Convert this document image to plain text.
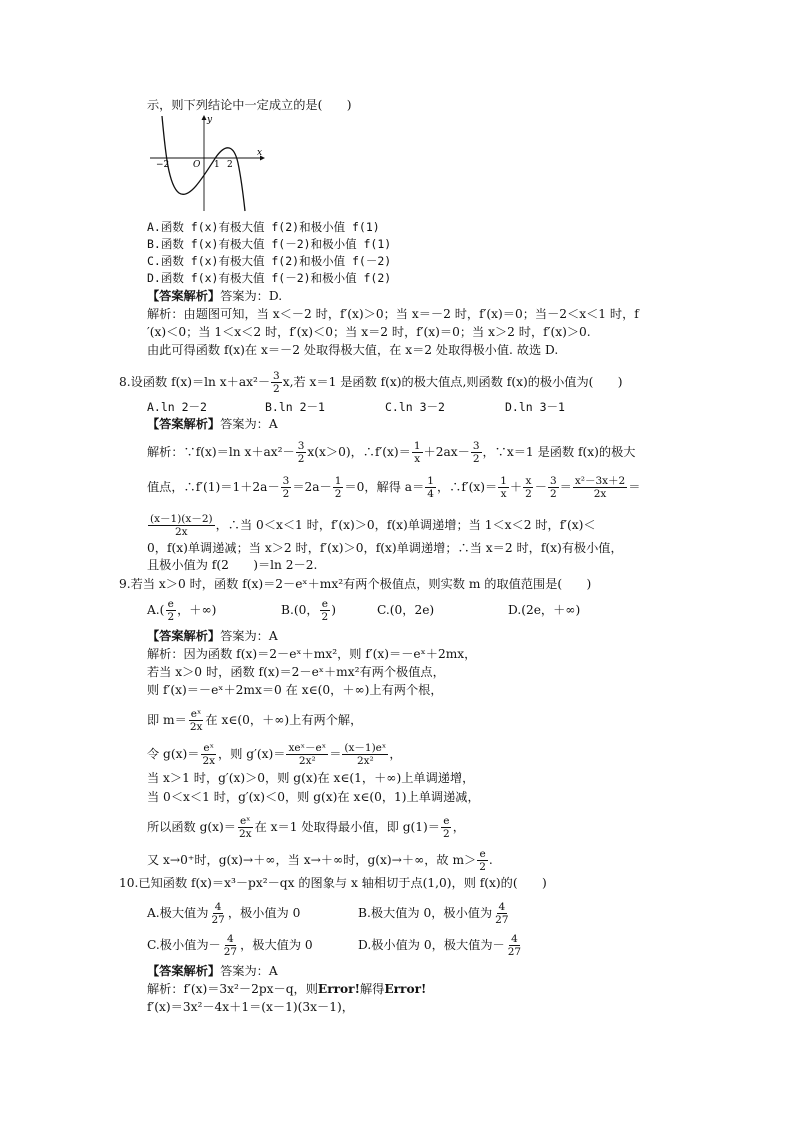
示，则下列结论中一定成立的是(　　)
x
y
−2	O 1 2
A.函数 f(x)有极大值 f(2)和极小值 f(1)
B.函数 f(x)有极大值 f(－2)和极小值 f(1)
C.函数 f(x)有极大值 f(2)和极小值 f(－2)
D.函数 f(x)有极大值 f(－2)和极小值 f(2)
【答案解析】答案为：D.
解析：由题图可知，当 x＜－2 时，f′(x)＞0；当 x＝－2 时，f′(x)＝0；当－2＜x＜1 时，f
′(x)＜0；当 1＜x＜2 时，f′(x)＜0；当 x＝2 时，f′(x)＝0；当 x＞2 时，f′(x)＞0.
由此可得函数 f(x)在 x＝－2 处取得极大值，在 x＝2 处取得极小值. 故选 D.
8.设函数 f(x)＝ln $x+ax^2- \frac{3}{2} x$,若 x＝1 是函数 f(x)的极大值点,则函数 f(x)的极小值为(　　)
A.ln 2－2	B.ln 2－1	C.ln 3－2	D.ln 3－1
【答案解析】答案为：A
解析：∵f(x)＝ln $x+ax^2- \frac{3}{2} x(x>0)$，∴f′(x)＝ $\frac{1}{x} +2ax- \frac{3}{2}$ ，∵x＝1 是函数 f(x)的极大
值点，∴f′(1)＝1＋2a－ $\frac{3}{2} =2a- \frac{1}{2} =0$，解得 $a= \frac{1}{4}$ ，∴f′(x)＝ $\frac{1}{x} + \frac{x}{2} - \frac{3}{2} = \frac{\text{x²－3x＋2}}{2x}$ ＝
$\frac{(x-1)(x-2)}{2x}$ ，∴当 0＜x＜1 时，f′(x)＞0，f(x)单调递增；当 1＜x＜2 时，f′(x)＜
0，f(x)单调递减；当 x＞2 时，f′(x)＞0，f(x)单调递增；∴当 x＝2 时，f(x)有极小值，
且极小值为 f(2　　)＝ln 2－2.
9.若当 x＞0 时，函数 f(x)＝2－eˣ＋mx²有两个极值点，则实数 m 的取值范围是(　　)
$A.( \frac{e}{2}$ ，＋∞)	B.(0， $\frac{e}{2}$ )	C.(0，2e)	D.(2e，＋∞)
【答案解析】答案为：A
解析：因为函数 f(x)＝2－eˣ＋mx²，则 f′(x)＝－eˣ＋2mx，
若当 x＞0 时，函数 f(x)＝2－eˣ＋mx²有两个极值点，
则 f′(x)＝－eˣ＋2mx＝0 在 x∈(0，＋∞)上有两个根，
即 $m= \frac{\text{eˣ}}{2x}$ 在 x∈(0，＋∞)上有两个解，
令 $g(x)= \frac{\text{eˣ}}{2x}$ ，则 $g'(x)= \frac{\text{xeˣ－eˣ}}{\text{2x²}} = \frac{\text{(x－1)eˣ}}{\text{2x²}}$ ，
当 x＞1 时，g′(x)＞0，则 g(x)在 x∈(1，＋∞)上单调递增，
当 0＜x＜1 时，g′(x)＜0，则 g(x)在 x∈(0，1)上单调递减，
所以函数 $g(x)= \frac{\text{eˣ}}{2x}$ 在 x＝1 处取得最小值，即 $g(1)= \frac{e}{2}$ ，
又 x→0⁺时，g(x)→＋∞，当 x→＋∞时，g(x)→＋∞，故 $m> \frac{e}{2}$ .
10.已知函数 f(x)＝x³－px²－qx 的图象与 x 轴相切于点(1,0)，则 f(x)的(　　)
A.极大值为 $\frac{4}{27}$ ，极小值为 0	B.极大值为 0，极小值为 $\frac{4}{27}$
C.极小值为－ $\frac{4}{27}$ ，极大值为 0	D.极小值为 0，极大值为－ $\frac{4}{27}$
【答案解析】答案为：A
解析：f′(x)＝3x²－2px－q，则Error!解得Error!
f′(x)＝3x²－4x＋1＝(x－1)(3x－1)，
